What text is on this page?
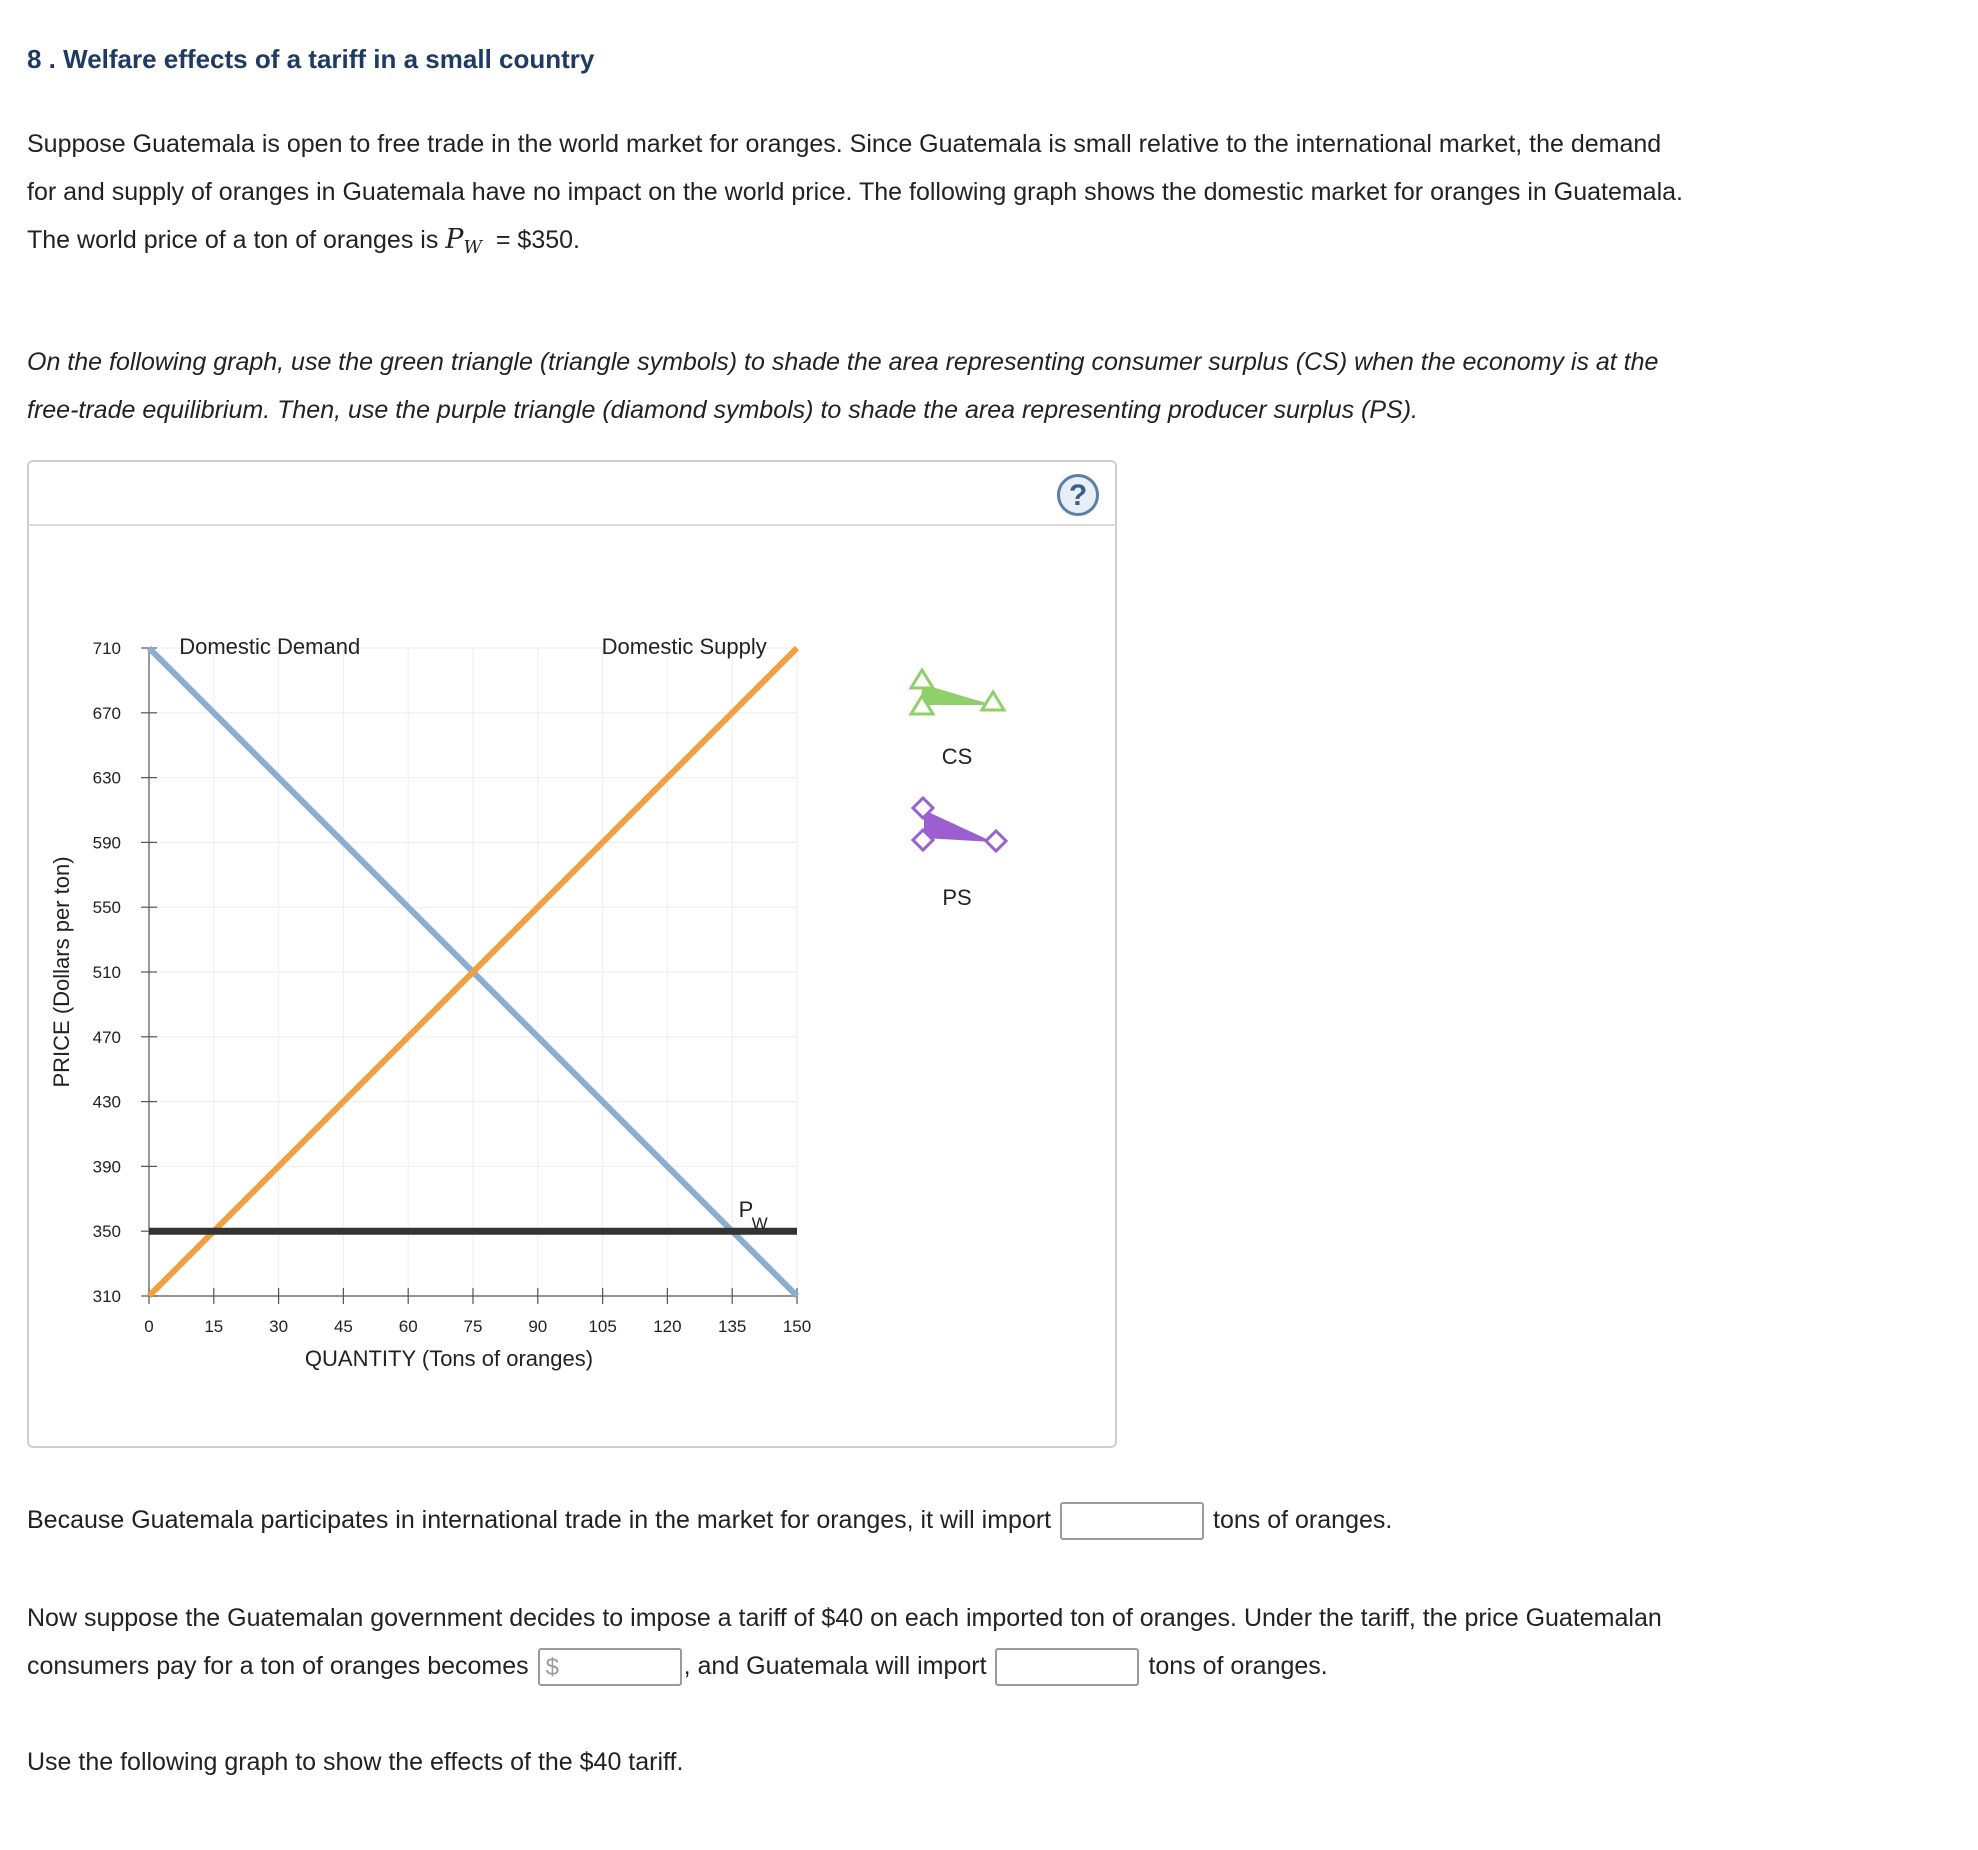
8 . Welfare effects of a tariff in a small country
Suppose Guatemala is open to free trade in the world market for oranges. Since Guatemala is small relative to the international market, the demand
for and supply of oranges in Guatemala have no impact on the world price. The following graph shows the domestic market for oranges in Guatemala.
The world price of a ton of oranges is $P_W$ = $350.
On the following graph, use the green triangle (triangle symbols) to shade the area representing consumer surplus (CS) when the economy is at the
free-trade equilibrium. Then, use the purple triangle (diamond symbols) to shade the area representing producer surplus (PS).
?
310
350
390
430
470
510
550
590
630
670
710
0	15	30	45	60	75	90 105 120 135 150
QUANTITY (Tons of oranges)
PRICE (Dollars per ton)
Domestic Demand	Domestic Supply
P
W
CS
PS
Because Guatemala participates in international trade in the market for oranges, it will import	tons of oranges.
Now suppose the Guatemalan government decides to impose a tariff of $40 on each imported ton of oranges. Under the tariff, the price Guatemalan
consumers pay for a ton of oranges becomes $	, and Guatemala will import	tons of oranges.
Use the following graph to show the effects of the $40 tariff.
